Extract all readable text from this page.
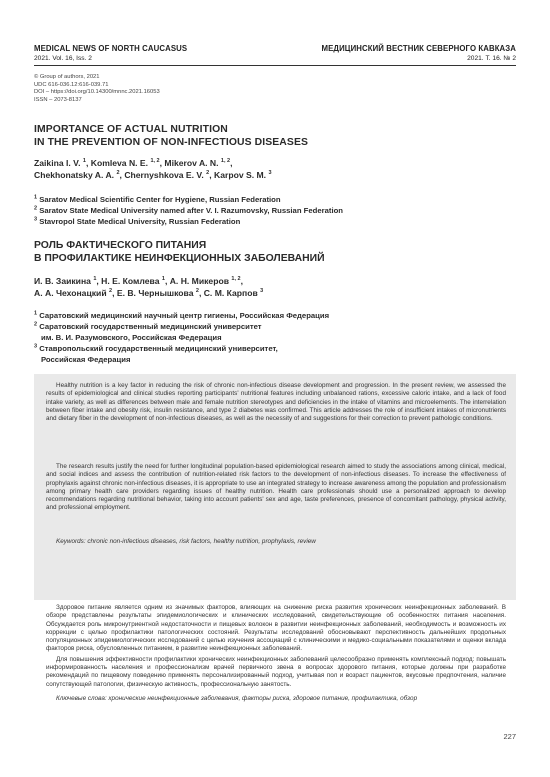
MEDICAL NEWS OF NORTH CAUCASUS
2021. Vol. 16, Iss. 2
МЕДИЦИНСКИЙ ВЕСТНИК СЕВЕРНОГО КАВКАЗА
2021. Т. 16. № 2
© Group of authors, 2021
UDC 616-036.12:616-039.71
DOI – https://doi.org/10.14300/mnnc.2021.16053
ISSN – 2073-8137
IMPORTANCE OF ACTUAL NUTRITION
IN THE PREVENTION OF NON-INFECTIOUS DISEASES
Zaikina I. V. $^1$, Komleva N. E. $^{1, 2}$, Mikerov A. N. $^{1, 2}$,
Chekhonatsky A. A. $^2$, Chernyshkova E. V. $^2$, Karpov S. M. $^3$
$^1$ Saratov Medical Scientific Center for Hygiene, Russian Federation
$^2$ Saratov State Medical University named after V. I. Razumovsky, Russian Federation
$^3$ Stavropol State Medical University, Russian Federation
РОЛЬ ФАКТИЧЕСКОГО ПИТАНИЯ
В ПРОФИЛАКТИКЕ НЕИНФЕКЦИОННЫХ ЗАБОЛЕВАНИЙ
И. В. Заикина $^1$, Н. Е. Комлева $^1$, А. Н. Микеров $^{1, 2}$,
А. А. Чехонацкий $^2$, Е. В. Чернышкова $^2$, С. М. Карпов $^3$
$^1$ Саратовский медицинский научный центр гигиены, Российская Федерация
$^2$ Саратовский государственный медицинский университет
им. В. И. Разумовского, Российская Федерация
$^3$ Ставропольский государственный медицинский университет,
Российская Федерация
Healthy nutrition is a key factor in reducing the risk of chronic non-infectious disease development and progression. In the present review, we assessed the results of epidemiological and clinical studies reporting participants' nutritional features including unbalanced rations, excessive caloric intake, and a lack of food intake variety, as well as differences between male and female nutrition stereotypes and deficiencies in the intake of vitamins and microelements. The interrelation between fiber intake and obesity risk, insulin resistance, and type 2 diabetes was confirmed. This article addresses the role of insufficient intakes of micronutrients and dietary fiber in the development of non-infectious diseases, as well as the necessity of and suggestions for their correction to prevent pathologic conditions.
The research results justify the need for further longitudinal population-based epidemiological research aimed to study the associations among clinical, medical, and social indices and assess the contribution of nutrition-related risk factors to the development of non-infectious diseases. To increase the effectiveness of prophylaxis against chronic non-infectious diseases, it is appropriate to use an integrated strategy to increase awareness among the population and professionalism among primary health care providers regarding issues of healthy nutrition. Health care professionals should use a personalized approach to develop recommendations regarding nutritional behavior, taking into account patients' sex and age, taste preferences, presence of concomitant pathology, physical activity, and professional employment.
Keywords: chronic non-infectious diseases, risk factors, healthy nutrition, prophylaxis, review
Здоровое питание является одним из значимых факторов, влияющих на снижение риска развития хронических неинфекционных заболеваний. В обзоре представлены результаты эпидемиологических и клинических исследований, свидетельствующие об особенностях питания населения. Обсуждается роль микронутриентной недостаточности и пищевых волокон в развитии неинфекционных заболеваний, необходимость и возможность их коррекции с целью профилактики патологических состояний. Результаты исследований обосновывают перспективность дальнейших продольных популяционных эпидемиологических исследований с целью изучения ассоциаций с клиническими и медико-социальными показателями и оценки вклада факторов риска, обусловленных питанием, в развитие неинфекционных заболеваний.
Для повышения эффективности профилактики хронических неинфекционных заболеваний целесообразно применять комплексный подход: повышать информированность населения и профессионализм врачей первичного звена в вопросах здорового питания, которые должны при разработке рекомендаций по пищевому поведению применять персонализированный подход, учитывая пол и возраст пациентов, вкусовые предпочтения, наличие сопутствующей патологии, физическую активность, профессиональную занятость.
Ключевые слова: хронические неинфекционные заболевания, факторы риска, здоровое питание, профилактика, обзор
227
